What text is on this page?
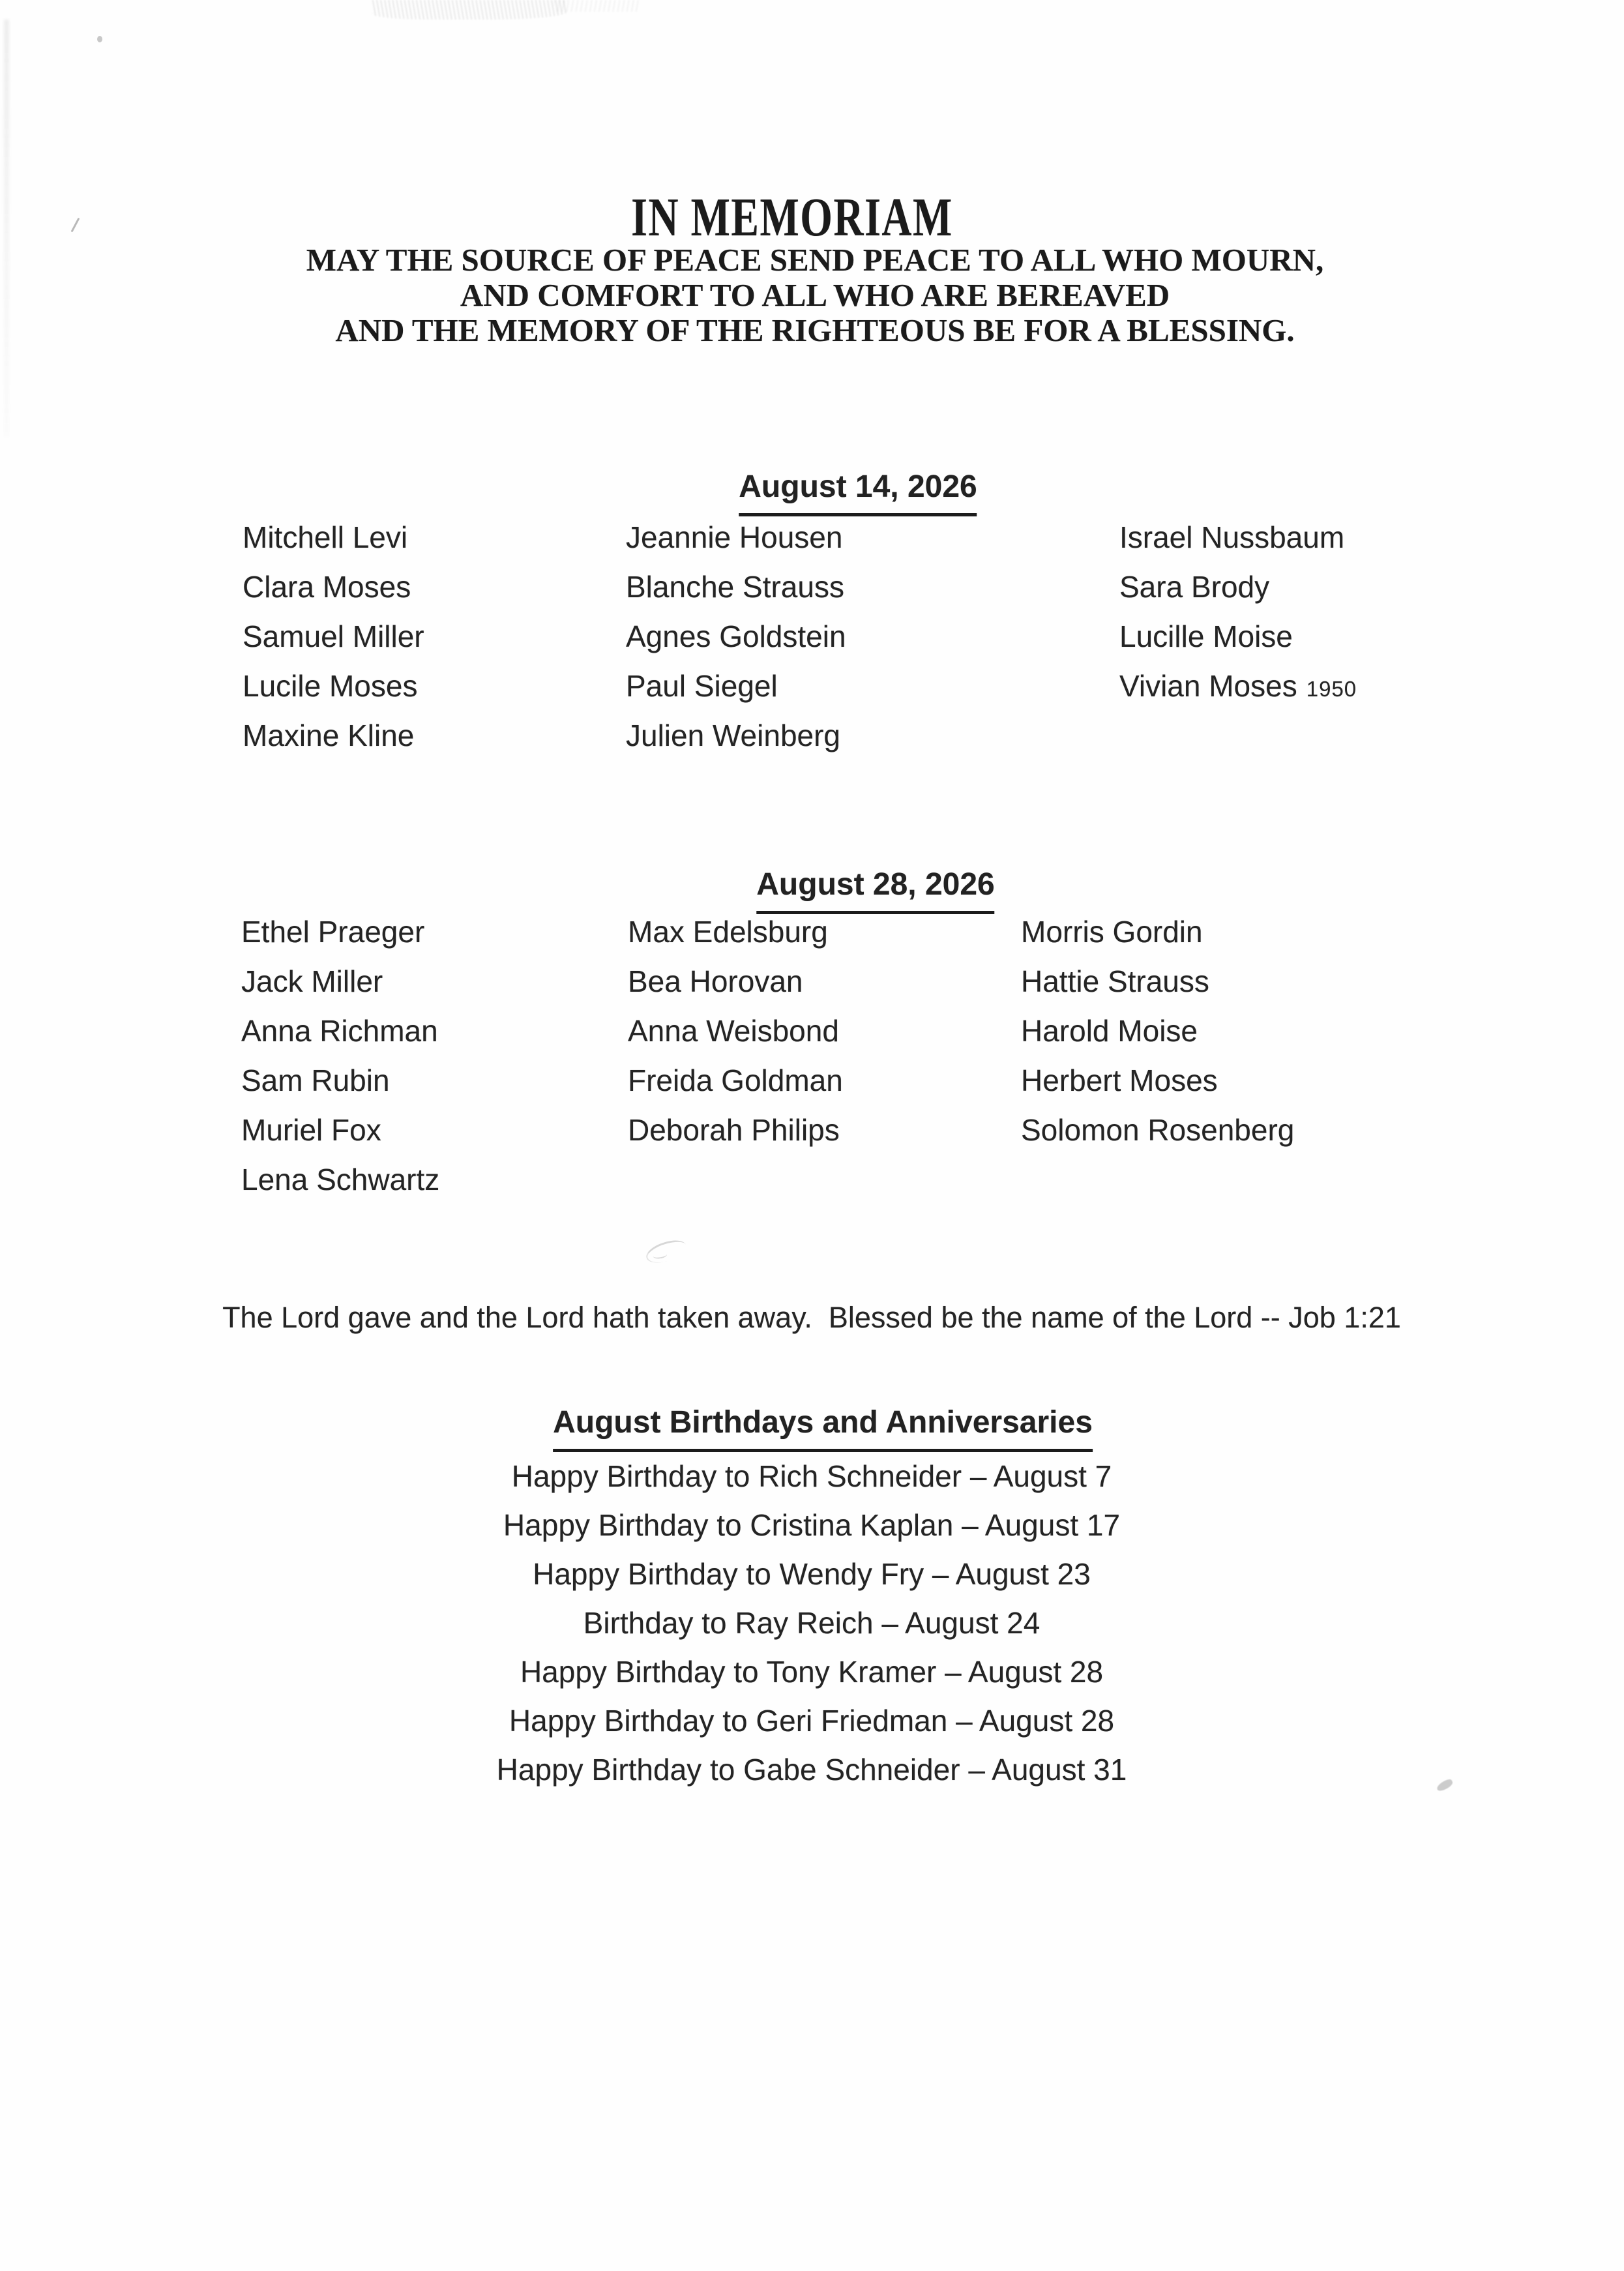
IN MEMORIAM
MAY THE SOURCE OF PEACE SEND PEACE TO ALL WHO MOURN,
AND COMFORT TO ALL WHO ARE BEREAVED
AND THE MEMORY OF THE RIGHTEOUS BE FOR A BLESSING.
August 14, 2026
Mitchell Levi
Clara Moses
Samuel Miller
Lucile Moses
Maxine Kline
Jeannie Housen
Blanche Strauss
Agnes Goldstein
Paul Siegel
Julien Weinberg
Israel Nussbaum
Sara Brody
Lucille Moise
Vivian Moses 1950
August 28, 2026
Ethel Praeger
Jack Miller
Anna Richman
Sam Rubin
Muriel Fox
Lena Schwartz
Max Edelsburg
Bea Horovan
Anna Weisbond
Freida Goldman
Deborah Philips
Morris Gordin
Hattie Strauss
Harold Moise
Herbert Moses
Solomon Rosenberg

The Lord gave and the Lord hath taken away.  Blessed be the name of the Lord -- Job 1:21

August Birthdays and Anniversaries
Happy Birthday to Rich Schneider – August 7
Happy Birthday to Cristina Kaplan – August 17
Happy Birthday to Wendy Fry – August 23
Birthday to Ray Reich – August 24
Happy Birthday to Tony Kramer – August 28
Happy Birthday to Geri Friedman – August 28
Happy Birthday to Gabe Schneider – August 31
